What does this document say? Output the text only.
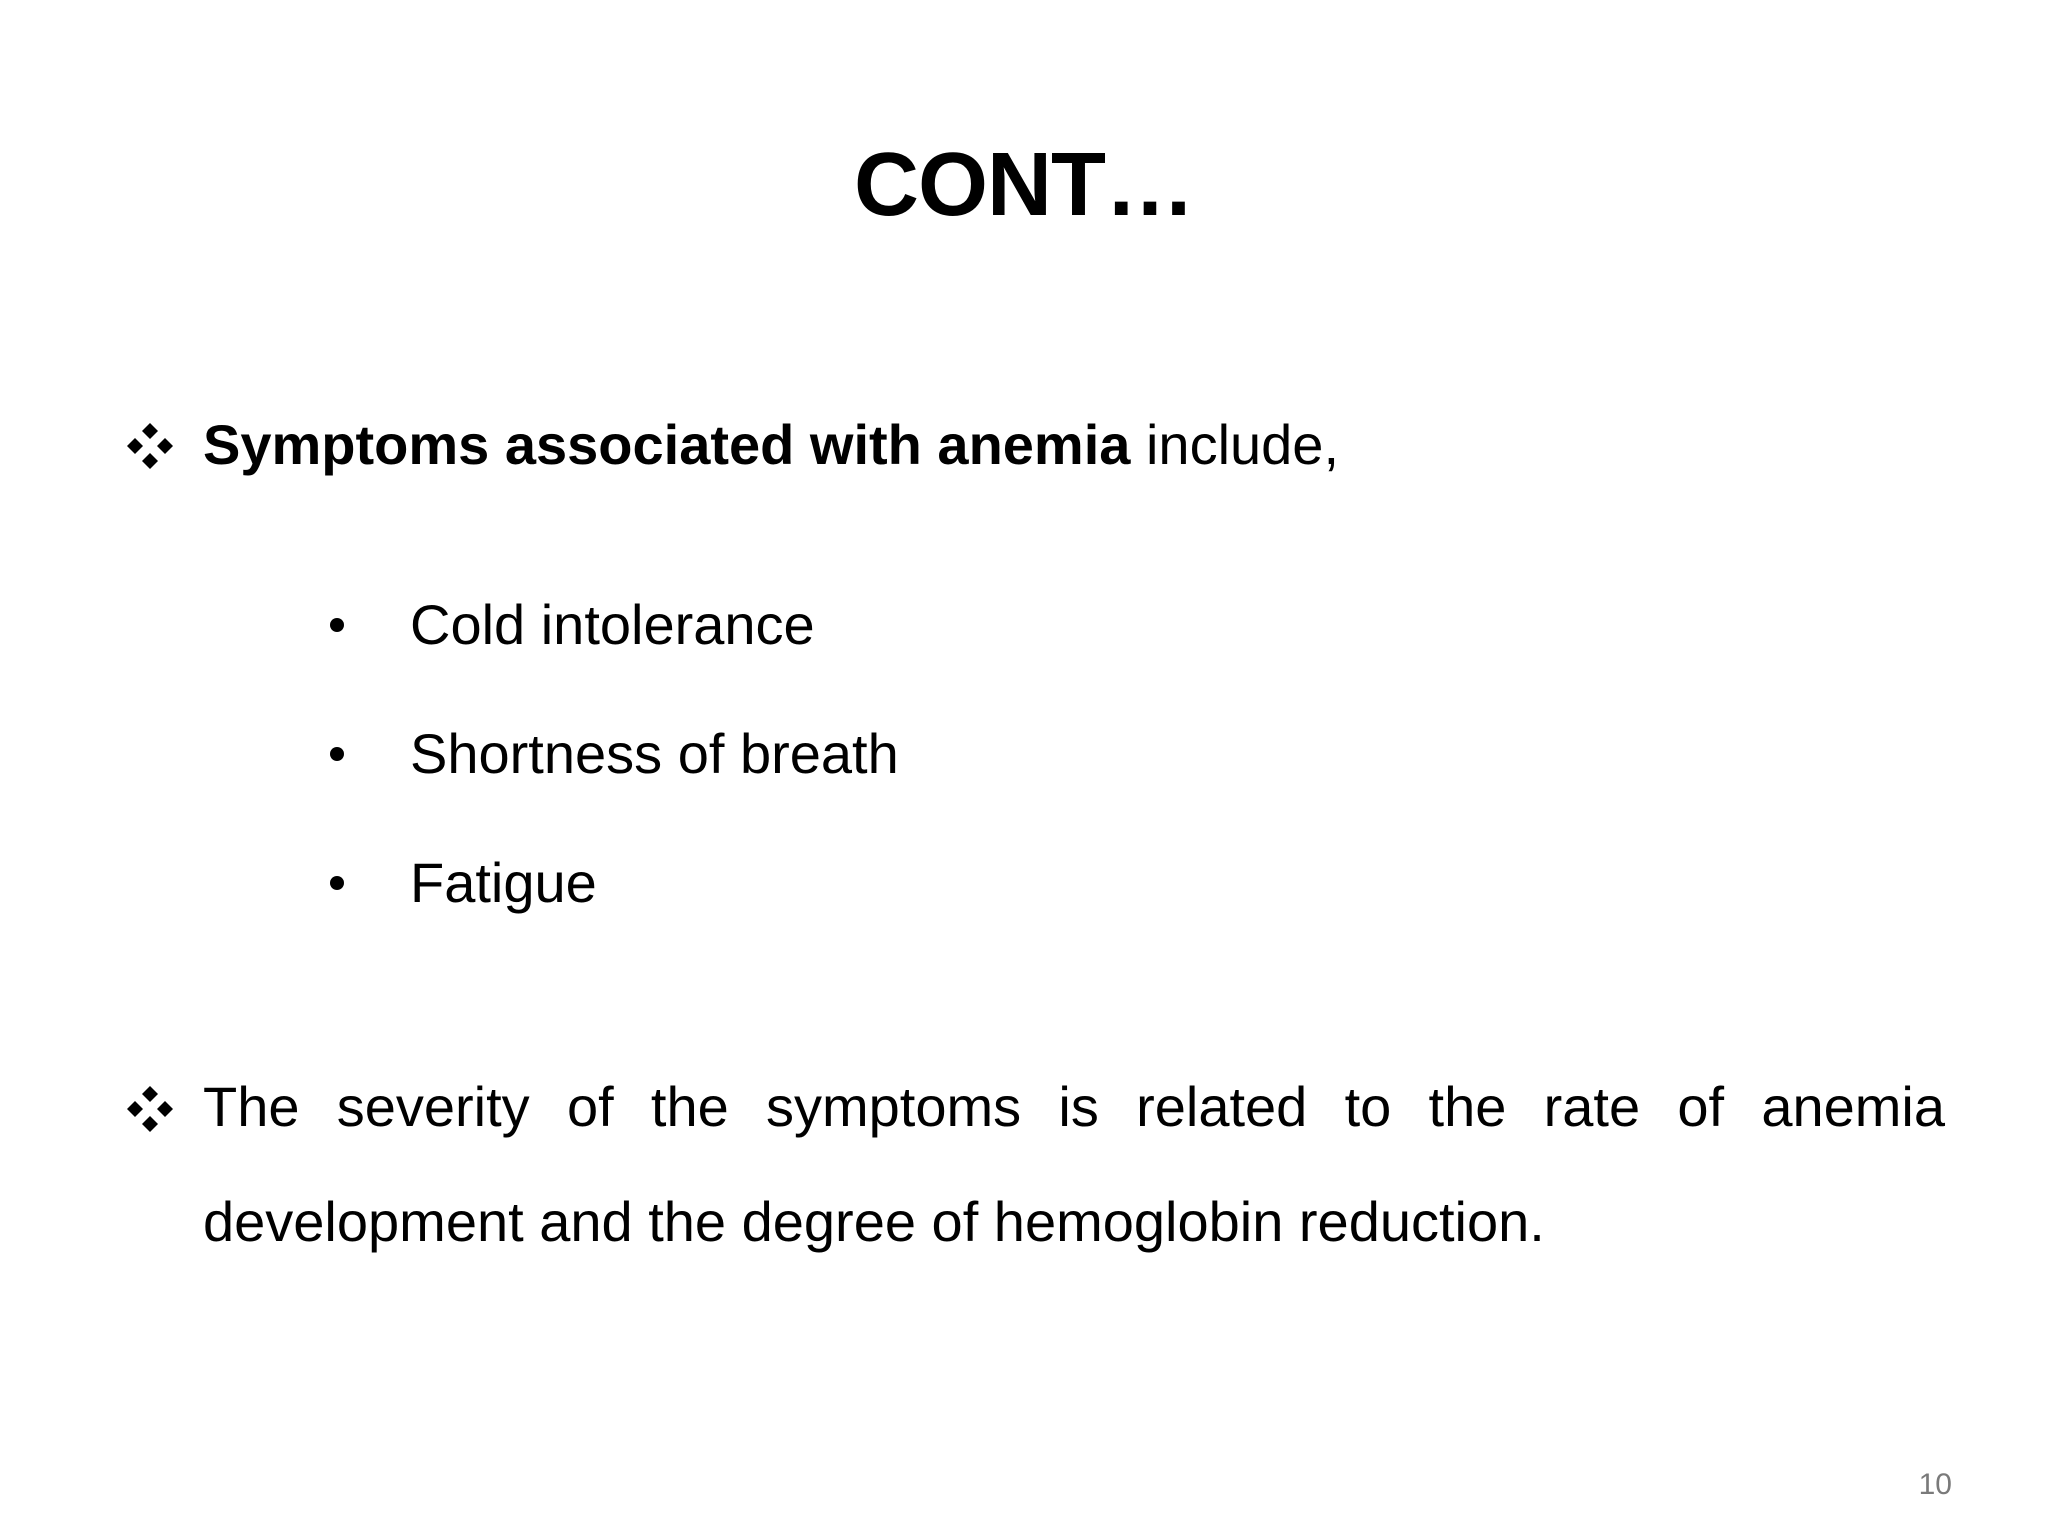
CONT…
Symptoms associated with anemia include,
Cold intolerance
Shortness of breath
Fatigue
The severity of the symptoms is related to the rate of anemia development and the degree of hemoglobin reduction.
10
